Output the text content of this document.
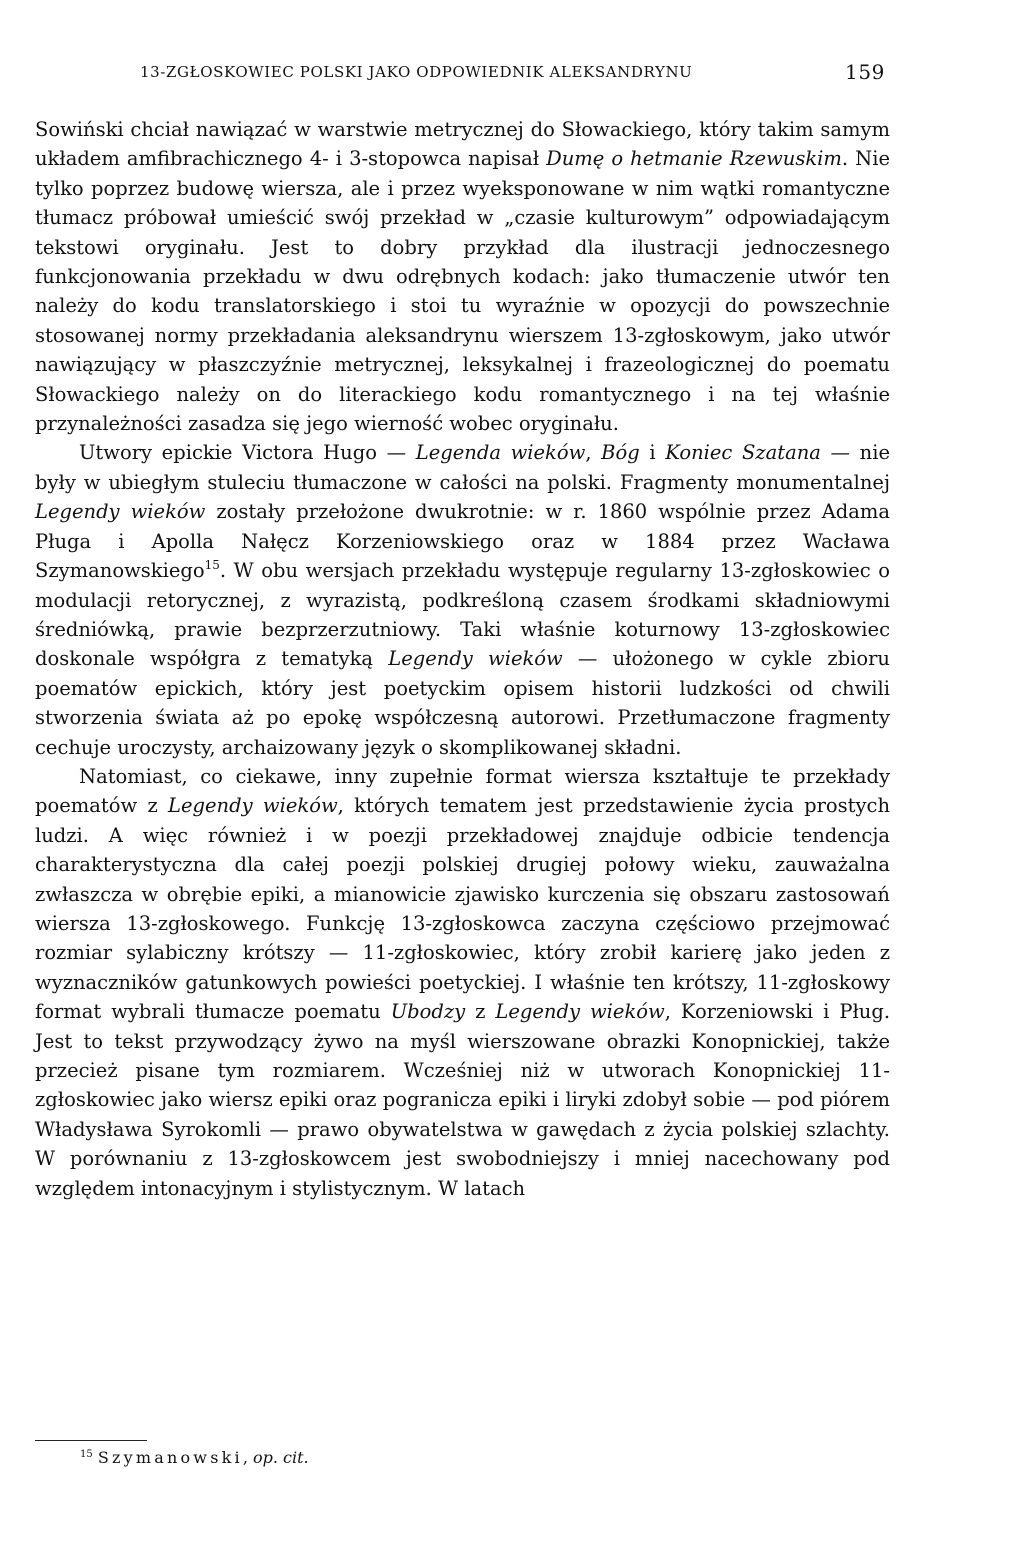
13-ZGŁOSKOWIEC POLSKI JAKO ODPOWIEDNIK ALEKSANDRYNU	159

Sowiński chciał nawiązać w warstwie metrycznej do Słowackiego, który takim samym układem amfibrachicznego 4- i 3-stopowca napisał Dumę o hetmanie Rzewuskim. Nie tylko poprzez budowę wiersza, ale i przez wyeksponowane w nim wątki romantyczne tłumacz próbował umieścić swój przekład w „czasie kulturowym” odpowiadającym tekstowi oryginału. Jest to dobry przykład dla ilustracji jednoczesnego funkcjonowania przekładu w dwu odrębnych kodach: jako tłumaczenie utwór ten należy do kodu translatorskiego i stoi tu wyraźnie w opozycji do powszechnie stosowanej normy przekładania aleksandrynu wierszem 13-zgłoskowym, jako utwór nawiązujący w płaszczyźnie metrycznej, leksykalnej i frazeologicznej do poematu Słowackiego należy on do literackiego kodu romantycznego i na tej właśnie przynależności zasadza się jego wierność wobec oryginału.

Utwory epickie Victora Hugo — Legenda wieków, Bóg i Koniec Szatana — nie były w ubiegłym stuleciu tłumaczone w całości na polski. Fragmenty monumentalnej Legendy wieków zostały przełożone dwukrotnie: w r. 1860 wspólnie przez Adama Pługa i Apolla Nałęcz Korzeniowskiego oraz w 1884 przez Wacława Szymanowskiego$^{15}$. W obu wersjach przekładu występuje regularny 13-zgłoskowiec o modulacji retorycznej, z wyrazistą, podkreśloną czasem środkami składniowymi średniówką, prawie bezprzerzutniowy. Taki właśnie koturnowy 13-zgłoskowiec doskonale współgra z tematyką Legendy wieków — ułożonego w cykle zbioru poematów epickich, który jest poetyckim opisem historii ludzkości od chwili stworzenia świata aż po epokę współczesną autorowi. Przetłumaczone fragmenty cechuje uroczysty, archaizowany język o skomplikowanej składni.

Natomiast, co ciekawe, inny zupełnie format wiersza kształtuje te przekłady poematów z Legendy wieków, których tematem jest przedstawienie życia prostych ludzi. A więc również i w poezji przekładowej znajduje odbicie tendencja charakterystyczna dla całej poezji polskiej drugiej połowy wieku, zauważalna zwłaszcza w obrębie epiki, a mianowicie zjawisko kurczenia się obszaru zastosowań wiersza 13-zgłoskowego. Funkcję 13-zgłoskowca zaczyna częściowo przejmować rozmiar sylabiczny krótszy — 11-zgłoskowiec, który zrobił karierę jako jeden z wyznaczników gatunkowych powieści poetyckiej. I właśnie ten krótszy, 11-zgłoskowy format wybrali tłumacze poematu Ubodzy z Legendy wieków, Korzeniowski i Pług. Jest to tekst przywodzący żywo na myśl wierszowane obrazki Konopnickiej, także przecież pisane tym rozmiarem. Wcześniej niż w utworach Konopnickiej 11-zgłoskowiec jako wiersz epiki oraz pogranicza epiki i liryki zdobył sobie — pod piórem Władysława Syrokomli — prawo obywatelstwa w gawędach z życia polskiej szlachty. W porównaniu z 13-zgłoskowcem jest swobodniejszy i mniej nacechowany pod względem intonacyjnym i stylistycznym. W latach

$^{15}$ Szymanowski, op. cit.
